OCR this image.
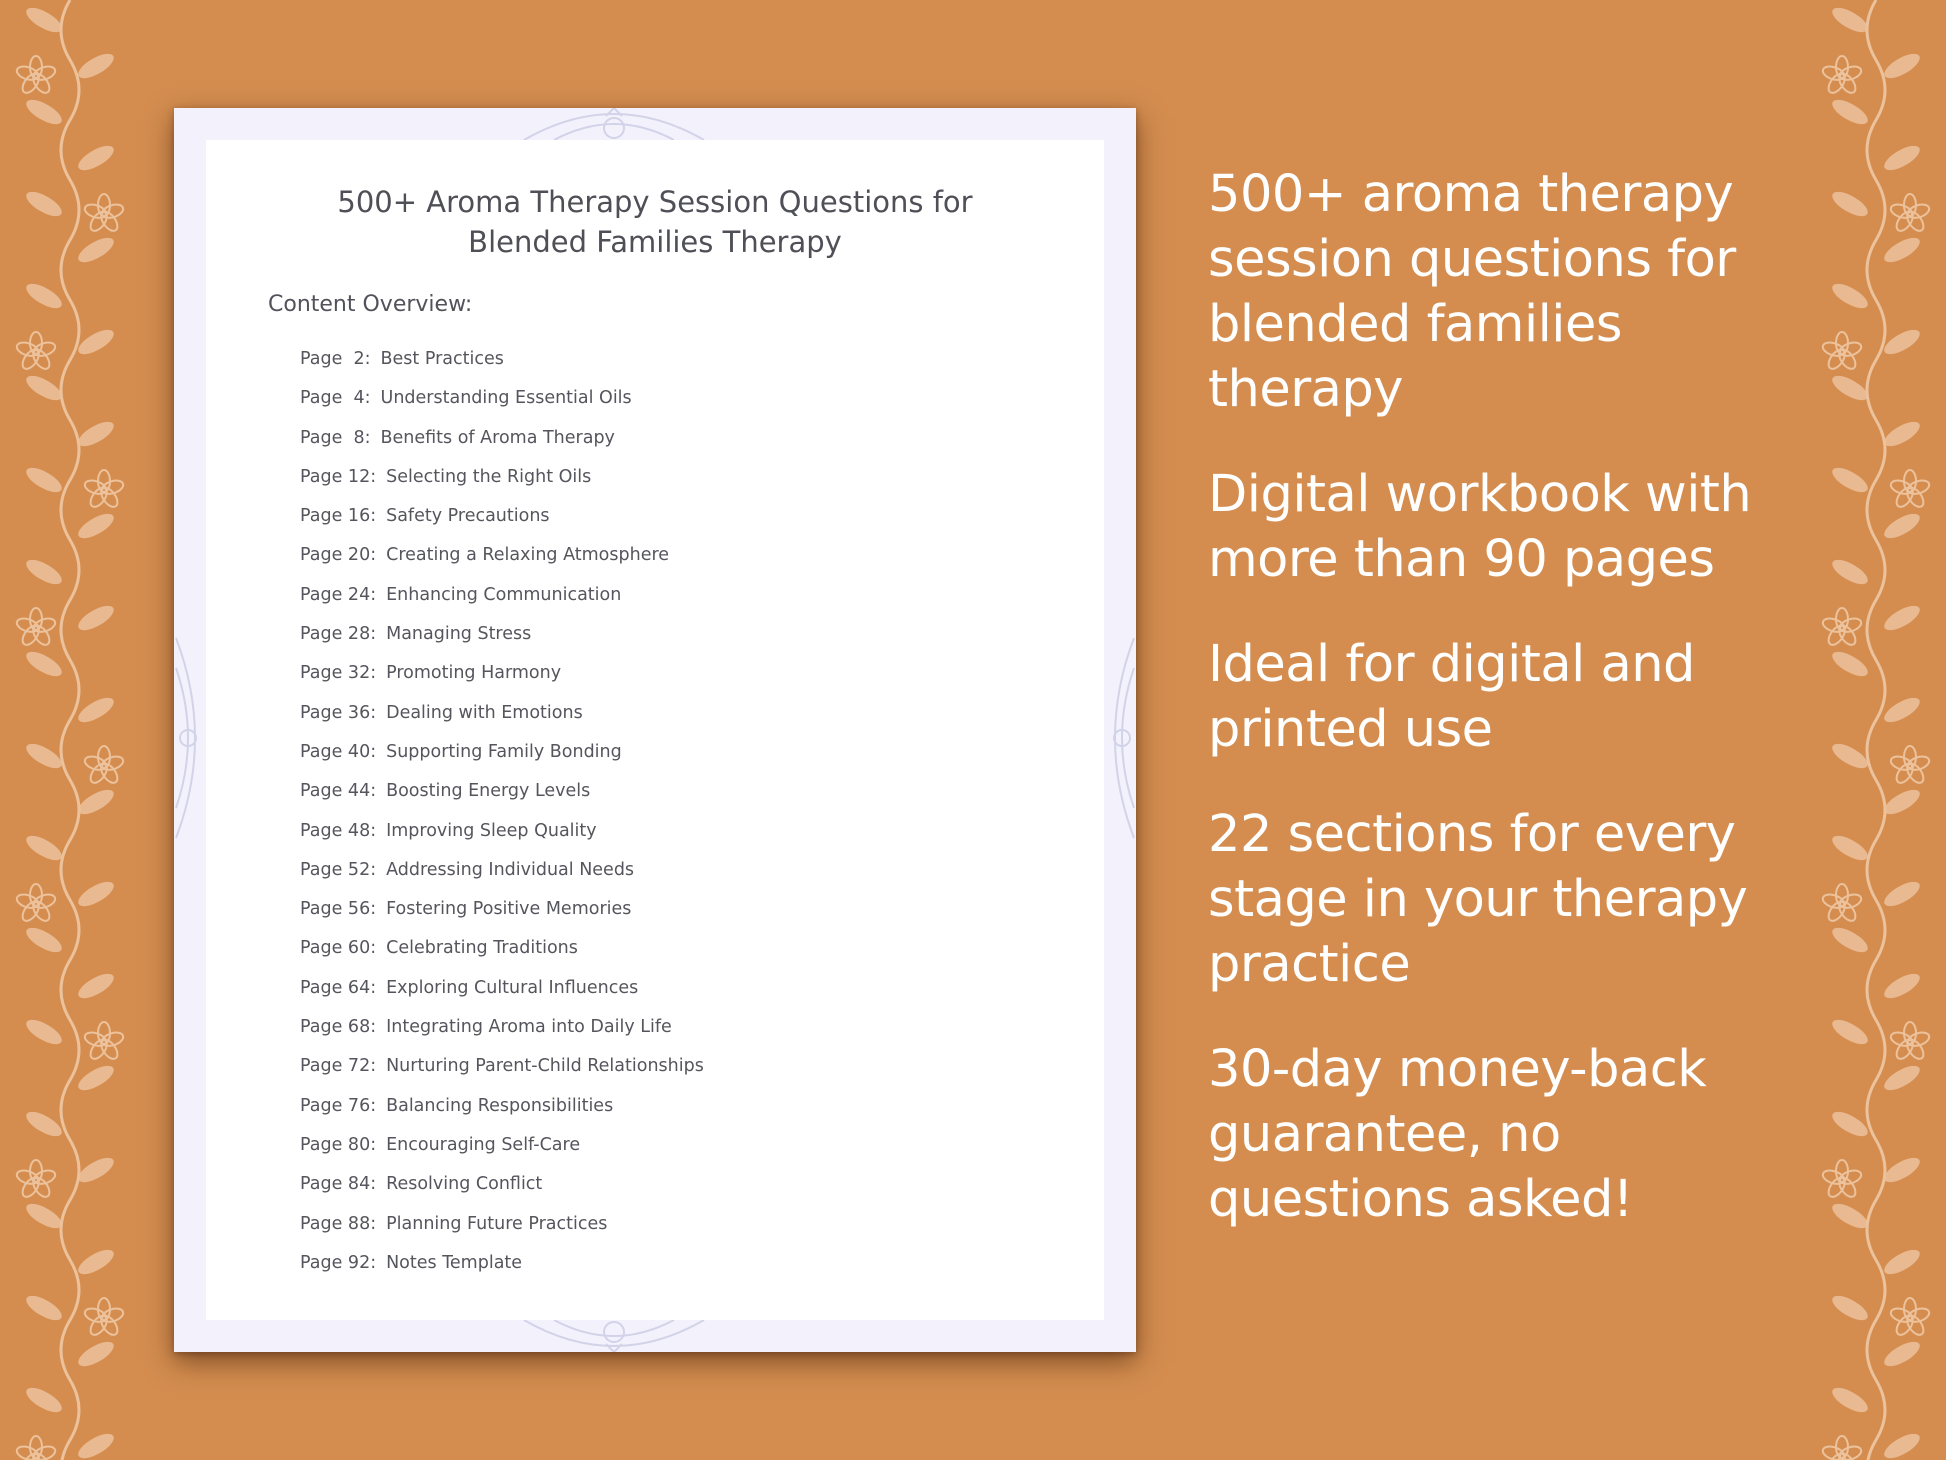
500+ Aroma Therapy Session Questions for
Blended Families Therapy
Content Overview:
Page  2: Best Practices
Page  4: Understanding Essential Oils
Page  8: Benefits of Aroma Therapy
Page 12: Selecting the Right Oils
Page 16: Safety Precautions
Page 20: Creating a Relaxing Atmosphere
Page 24: Enhancing Communication
Page 28: Managing Stress
Page 32: Promoting Harmony
Page 36: Dealing with Emotions
Page 40: Supporting Family Bonding
Page 44: Boosting Energy Levels
Page 48: Improving Sleep Quality
Page 52: Addressing Individual Needs
Page 56: Fostering Positive Memories
Page 60: Celebrating Traditions
Page 64: Exploring Cultural Influences
Page 68: Integrating Aroma into Daily Life
Page 72: Nurturing Parent-Child Relationships
Page 76: Balancing Responsibilities
Page 80: Encouraging Self-Care
Page 84: Resolving Conflict
Page 88: Planning Future Practices
Page 92: Notes Template
500+ aroma therapy
session questions for
blended families
therapy
Digital workbook with
more than 90 pages
Ideal for digital and
printed use
22 sections for every
stage in your therapy
practice
30-day money-back
guarantee, no
questions asked!
